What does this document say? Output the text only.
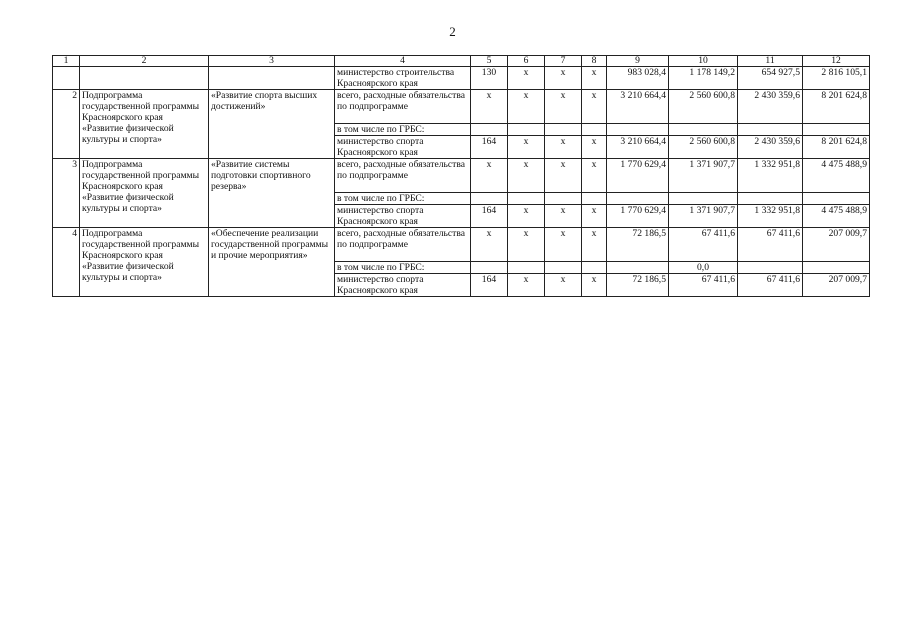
2
1	2	3	4	5	6	7	8	9	10	11	12
			министерство строительства Красноярского края	130	х	х	х	983 028,4	1 178 149,2	654 927,5	2 816 105,1
2	Подпрограмма государственной программы Красноярского края «Развитие физической культуры и спорта»	«Развитие спорта высших достижений»	всего, расходные обязательства по подпрограмме	х	х	х	х	3 210 664,4	2 560 600,8	2 430 359,6	8 201 624,8
			в том числе по ГРБС:								
			министерство спорта Красноярского края	164	х	х	х	3 210 664,4	2 560 600,8	2 430 359,6	8 201 624,8
3	Подпрограмма государственной программы Красноярского края «Развитие физической культуры и спорта»	«Развитие системы подготовки спортивного резерва»	всего, расходные обязательства по подпрограмме	х	х	х	х	1 770 629,4	1 371 907,7	1 332 951,8	4 475 488,9
			в том числе по ГРБС:								
			министерство спорта Красноярского края	164	х	х	х	1 770 629,4	1 371 907,7	1 332 951,8	4 475 488,9
4	Подпрограмма государственной программы Красноярского края «Развитие физической культуры и спорта»	«Обеспечение реализации государственной программы и прочие мероприятия»	всего, расходные обязательства по подпрограмме	х	х	х	х	72 186,5	67 411,6	67 411,6	207 009,7
			в том числе по ГРБС:						0,0		
			министерство спорта Красноярского края	164	х	х	х	72 186,5	67 411,6	67 411,6	207 009,7
